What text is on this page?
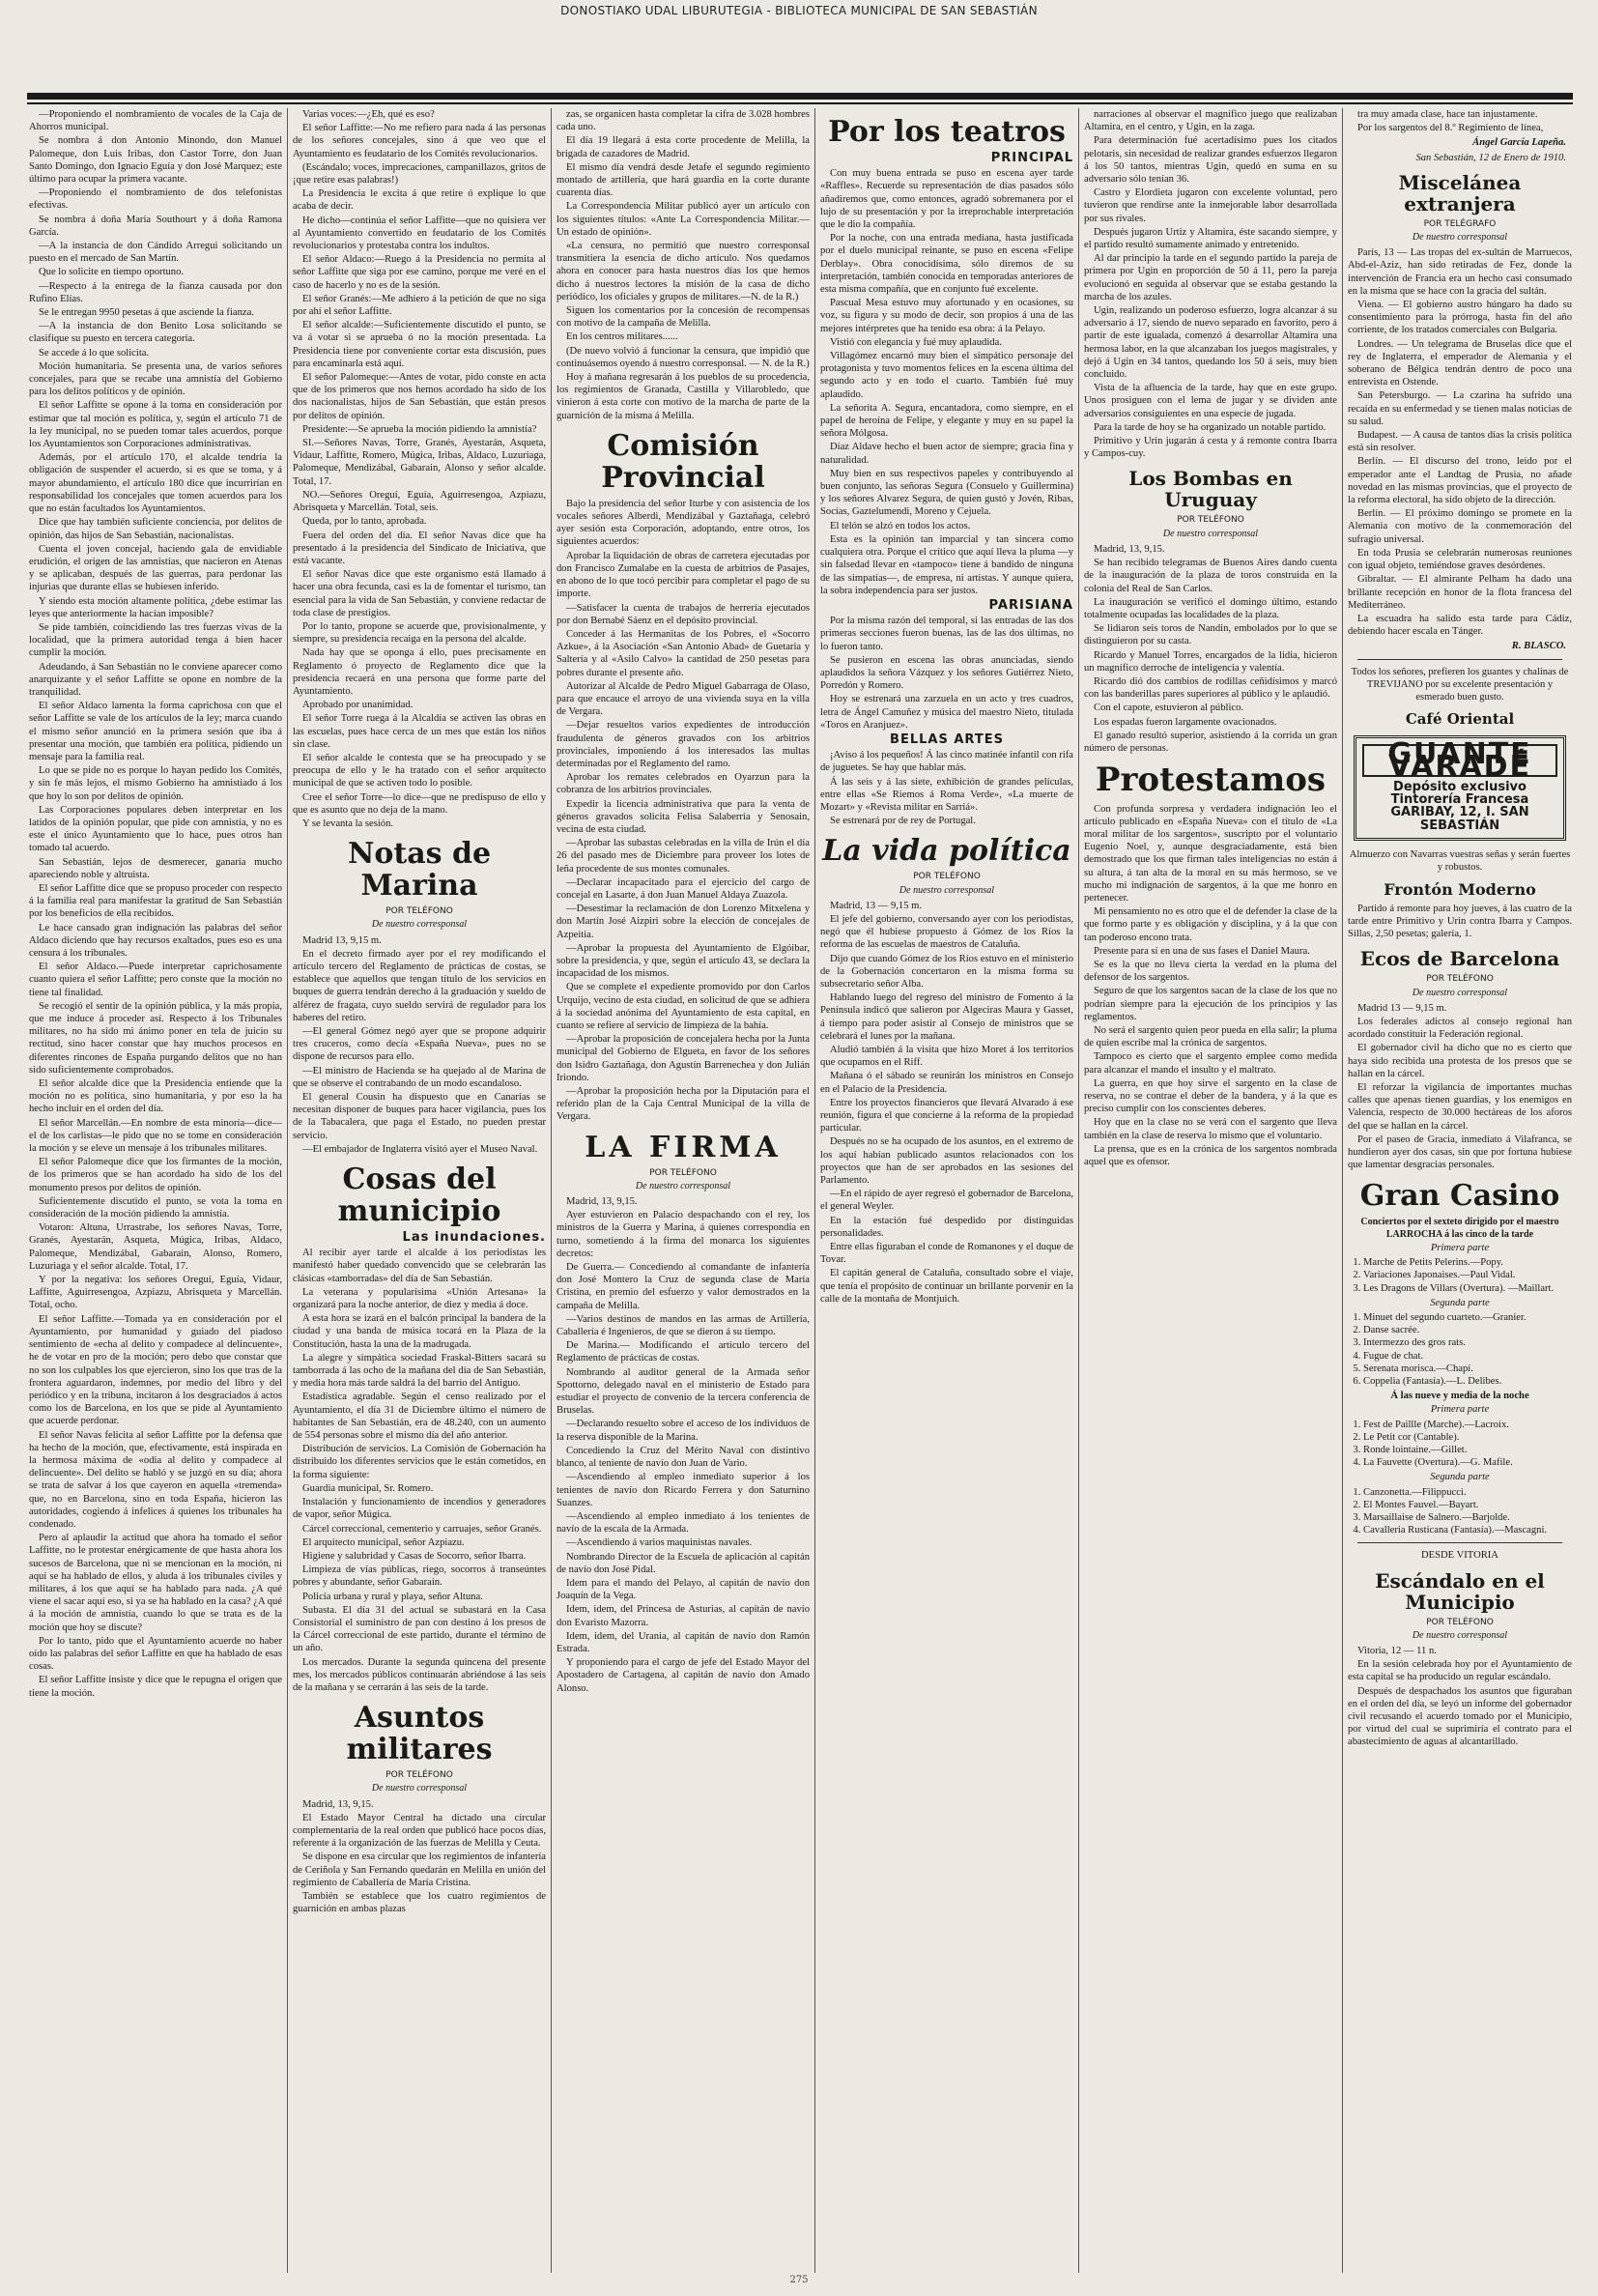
DONOSTIAKO UDAL LIBURUTEGIA - BIBLIOTECA MUNICIPAL DE SAN SEBASTIÁN

—Proponiendo el nombramiento de vocales de la Caja de Ahorros municipal.

Se nombra á don Antonio Minondo, don Manuel Palomeque, don Luis Iribas, don Castor Torre, don Juan Santo Domingo, don Ignacio Eguía y don José Marquez; este último para ocupar la primera vacante.

—Proponiendo el nombramiento de dos telefonistas efectivas.

Se nombra á doña María Southourt y á doña Ramona García.

—A la instancia de don Cándido Arregui solicitando un puesto en el mercado de San Martín.

Que lo solicite en tiempo oportuno.

—Respecto á la entrega de la fianza causada por don Rufino Elías.

Se le entregan 9950 pesetas á que asciende la fianza.

—A la instancia de don Benito Losa solicitando se clasifique su puesto en tercera categoría.

Se accede á lo que solicita.

Moción humanitaria. Se presenta una, de varios señores concejales, para que se recabe una amnistía del Gobierno para los delitos políticos y de opinión.

El señor Laffitte se opone á la toma en consideración por estimar que tal moción es política, y, según el artículo 71 de la ley municipal, no se pueden tomar tales acuerdos, porque los Ayuntamientos son Corporaciones administrativas.

Además, por el artículo 170, el alcalde tendría la obligación de suspender el acuerdo, si es que se toma, y á mayor abundamiento, el artículo 180 dice que incurrirían en responsabilidad los concejales que tomen acuerdos para los que no están facultados los Ayuntamientos.

Dice que hay también suficiente conciencia, por delitos de opinión, das hijos de San Sebastián, nacionalistas.

Cuenta el joven concejal, haciendo gala de envidiable erudición, el origen de las amnistías, que nacieron en Atenas y se aplicaban, después de las guerras, para perdonar las injurias que durante ellas se hubiesen inferido.

Y siendo esta moción altamente política, ¿debe estimar las leyes que anteriormente la hacían imposible?

Se pide también, coincidiendo las tres fuerzas vivas de la localidad, que la primera autoridad tenga á bien hacer cumplir la moción.

Adeudando, á San Sebastián no le conviene aparecer como anarquizante y el señor Laffitte se opone en nombre de la tranquilidad.

El señor Aldaco lamenta la forma caprichosa con que el señor Laffitte se vale de los artículos de la ley; marca cuando el mismo señor anunció en la primera sesión que iba á presentar una moción, que también era política, pidiendo un mensaje para la familia real.

Lo que se pide no es porque lo hayan pedido los Comités, y sin fe más lejos, el mismo Gobierno ha amnistiado á los que hoy lo son por delitos de opinión.

Las Corporaciones populares deben interpretar en los latidos de la opinión popular, que pide con amnistía, y no es este el único Ayuntamiento que lo hace, pues otros han tomado tal acuerdo.

San Sebastián, lejos de desmerecer, ganaría mucho apareciendo noble y altruista.

El señor Laffitte dice que se propuso proceder con respecto á la familia real para manifestar la gratitud de San Sebastián por los beneficios de ella recibidos.

Le hace cansado gran indignación las palabras del señor Aldaco diciendo que hay recursos exaltados, pues eso es una censura á los tribunales.

El señor Aldaco.—Puede interpretar caprichosamente cuanto quiera el señor Laffitte; pero conste que la moción no tiene tal finalidad.

Se recogió el sentir de la opinión pública, y la más propia, que me induce á proceder así. Respecto á los Tribunales militares, no ha sido mi ánimo poner en tela de juicio su rectitud, sino hacer constar que hay muchos procesos en diferentes rincones de España purgando delitos que no han sido suficientemente comprobados.

El señor alcalde dice que la Presidencia entiende que la moción no es política, sino humanitaria, y por eso la ha hecho incluir en el orden del día.

El señor Marcellán.—En nombre de esta minoría—dice—el de los carlistas—le pido que no se tome en consideración la moción y se eleve un mensaje á los tribunales militares.

El señor Palomeque dice que los firmantes de la moción, de los primeros que se han acordado ha sido de los del monumento presos por delitos de opinión.

Suficientemente discutido el punto, se vota la toma en consideración de la moción pidiendo la amnistía.

Votaron: Altuna, Urrastrabe, los señores Navas, Torre, Granés, Ayestarán, Asqueta, Múgica, Iribas, Aldaco, Palomeque, Mendizábal, Gabarain, Alonso, Romero, Luzuriaga y el señor alcalde. Total, 17.

Y por la negativa: los señores Oreguí, Eguía, Vidaur, Laffitte, Aguirresengoa, Azpiazu, Abrisqueta y Marcellán. Total, ocho.

El señor Laffitte.—Tomada ya en consideración por el Ayuntamiento, por humanidad y guiado del piadoso sentimiento de «echa al delito y compadece al delincuente», he de votar en pro de la moción; pero debo que constar que no son los culpables los que ejercieron, sino los que tras de la frontera aguardaron, indemnes, por medio del libro y del periódico y en la tribuna, incitaron á los desgraciados á actos como los de Barcelona, en los que se pide al Ayuntamiento que acuerde perdonar.

El señor Navas felicita al señor Laffitte por la defensa que ha hecho de la moción, que, efectivamente, está inspirada en la hermosa máxima de «odia al delito y compadece al delincuente». Del delito se habló y se juzgó en su día; ahora se trata de salvar á los que cayeron en aquella «tremenda» que, no en Barcelona, sino en toda España, hicieron las autoridades, cogiendo á infelices á quienes los tribunales ha condenado.

Pero al aplaudir la actitud que ahora ha tomado el señor Laffitte, no le protestar enérgicamente de que hasta ahora los sucesos de Barcelona, que ni se mencionan en la moción, ni aquí se ha hablado de ellos, y aluda á los tribunales civiles y militares, á los que aquí se ha hablado para nada. ¿A qué viene el sacar aquí eso, si ya se ha hablado en la casa? ¿A qué á la moción de amnistía, cuando lo que se trata es de la moción que hoy se discute?

Por lo tanto, pido que el Ayuntamiento acuerde no haber oído las palabras del señor Laffitte en que ha hablado de esas cosas.

El señor Laffitte insiste y dice que le repugna el origen que tiene la moción.

Varias voces:—¿Eh, qué es eso?

El señor Laffitte:—No me refiero para nada á las personas de los señores concejales, sino á que veo que el Ayuntamiento es feudatario de los Comités revolucionarios.

(Escándalo; voces, imprecaciones, campanillazos, gritos de ¡que retire esas palabras!)

La Presidencia le excita á que retire ó explique lo que acaba de decir.

He dicho—continúa el señor Laffitte—que no quisiera ver al Ayuntamiento convertido en feudatario de los Comités revolucionarios y protestaba contra los indultos.

El señor Aldaco:—Ruego á la Presidencia no permita al señor Laffitte que siga por ese camino, porque me veré en el caso de hacerlo y no es de la sesión.

El señor Granés:—Me adhiero á la petición de que no siga por ahí el señor Laffitte.

El señor alcalde:—Suficientemente discutido el punto, se va á votar si se aprueba ó no la moción presentada. La Presidencia tiene por conveniente cortar esta discusión, pues para encaminarla está aquí.

El señor Palomeque:—Antes de votar, pido conste en acta que de los primeros que nos hemos acordado ha sido de los dos nacionalistas, hijos de San Sebastián, que están presos por delitos de opinión.

Presidente:—Se aprueba la moción pidiendo la amnistía?

SI.—Señores Navas, Torre, Granés, Ayestarán, Asqueta, Vidaur, Laffitte, Romero, Múgica, Iribas, Aldaco, Luzuriaga, Palomeque, Mendizábal, Gabarain, Alonso y señor alcalde. Total, 17.

NO.—Señores Oreguí, Eguía, Aguirresengoa, Azpiazu, Abrisqueta y Marcellán. Total, seis.

Queda, por lo tanto, aprobada.

Fuera del orden del día. El señor Navas dice que ha presentado á la presidencia del Sindicato de Iniciativa, que está vacante.

El señor Navas dice que este organismo está llamado á hacer una obra fecunda, casi es la de fomentar el turismo, tan esencial para la vida de San Sebastián, y conviene redactar de toda clase de prestigios.

Por lo tanto, propone se acuerde que, provisionalmente, y siempre, su presidencia recaiga en la persona del alcalde.

Nada hay que se oponga á ello, pues precisamente en Reglamento ó proyecto de Reglamento dice que la presidencia recaerá en una persona que forme parte del Ayuntamiento.

Aprobado por unanimidad.

El señor Torre ruega á la Alcaldía se activen las obras en las escuelas, pues hace cerca de un mes que están los niños sin clase.

El señor alcalde le contesta que se ha preocupado y se preocupa de ello y le ha tratado con el señor arquitecto municipal de que se activen todo lo posible.

Cree el señor Torre—lo dice—que ne predispuso de ello y que es asunto que no deja de la mano.

Y se levanta la sesión.

Notas de Marina
POR TELÉFONO
De nuestro corresponsal

Madrid 13, 9,15 m.

En el decreto firmado ayer por el rey modificando el artículo tercero del Reglamento de prácticas de costas, se establece que aquellos que tengan título de los servicios en buques de guerra tendrán derecho á la graduación y sueldo de alférez de fragata, cuyo sueldo servirá de regulador para los haberes del retiro.

—El general Gómez negó ayer que se propone adquirir tres cruceros, como decía «España Nueva», pues no se dispone de recursos para ello.

—El ministro de Hacienda se ha quejado al de Marina de que se observe el contrabando de un modo escandaloso.

El general Cousin ha dispuesto que en Canarias se necesitan disponer de buques para hacer vigilancia, pues los de la Tabacalera, que paga el Estado, no pueden prestar servicio.

—El embajador de Inglaterra visitó ayer el Museo Naval.

Cosas del municipio
Las inundaciones.

Al recibir ayer tarde el alcalde á los periodistas les manifestó haber quedado convencido que se celebrarán las clásicas «tamborradas» del día de San Sebastián.

La veterana y popularísima «Unión Artesana» la organizará para la noche anterior, de diez y media á doce.

A esta hora se izará en el balcón principal la bandera de la ciudad y una banda de música tocará en la Plaza de la Constitución, hasta la una de la madrugada.

La alegre y simpática sociedad Fraskal-Bitters sacará su tamborrada á las ocho de la mañana del día de San Sebastián, y media hora más tarde saldrá la del barrio del Antiguo.

Estadística agradable. Según el censo realizado por el Ayuntamiento, el día 31 de Diciembre último el número de habitantes de San Sebastián, era de 48.240, con un aumento de 554 personas sobre el mismo día del año anterior.

Distribución de servicios. La Comisión de Gobernación ha distribuido los diferentes servicios que le están cometidos, en la forma siguiente:

Guardia municipal, Sr. Romero.

Instalación y funcionamiento de incendios y generadores de vapor, señor Múgica.

Cárcel correccional, cementerio y carruajes, señor Granés.

El arquitecto municipal, señor Azpiazu.

Higiene y salubridad y Casas de Socorro, señor Ibarra.

Limpieza de vías públicas, riego, socorros á transeúntes pobres y abundante, señor Gabarain.

Policía urbana y rural y playa, señor Altuna.

Subasta. El día 31 del actual se subastará en la Casa Consistorial el suministro de pan con destino á los presos de la Cárcel correccional de este partido, durante el término de un año.

Los mercados. Durante la segunda quincena del presente mes, los mercados públicos continuarán abriéndose á las seis de la mañana y se cerrarán á las seis de la tarde.

Asuntos militares
POR TELÉFONO
De nuestro corresponsal

Madrid, 13, 9,15.

El Estado Mayor Central ha dictado una circular complementaria de la real orden que publicó hace pocos días, referente á la organización de las fuerzas de Melilla y Ceuta.

Se dispone en esa circular que los regimientos de infantería de Ceriñola y San Fernando quedarán en Melilla en unión del regimiento de Caballería de María Cristina.

También se establece que los cuatro regimientos de guarnición en ambas plazas

zas, se organicen hasta completar la cifra de 3.028 hombres cada uno.

El día 19 llegará á esta corte procedente de Melilla, la brigada de cazadores de Madrid.

El mismo día vendrá desde Jetafe el segundo regimiento montado de artillería, que hará guardia en la corte durante cuarenta días.

La Correspondencia Militar publicó ayer un artículo con los siguientes títulos: «Ante La Correspondencia Militar.—Un estado de opinión».

«La censura, no permitió que nuestro corresponsal transmitiera la esencia de dicho artículo. Nos quedamos ahora en conocer para hasta nuestros días los que hemos dicho á nuestros lectores la misión de la casa de dicho periódico, los oficiales y grupos de militares.—N. de la R.)

Siguen los comentarios por la concesión de recompensas con motivo de la campaña de Melilla.

En los centros militares......

(De nuevo volvió á funcionar la censura, que impidió que continuásemos oyendo á nuestro corresponsal. — N. de la R.)

Hoy á mañana regresarán á los pueblos de su procedencia, los regimientos de Granada, Castilla y Villarobledo, que vinieron á esta corte con motivo de la marcha de parte de la guarnición de la misma á Melilla.

Comisión Provincial

Bajo la presidencia del señor Iturbe y con asistencia de los vocales señores Alberdi, Mendizábal y Gaztañaga, celebró ayer sesión esta Corporación, adoptando, entre otros, los siguientes acuerdos:

Aprobar la liquidación de obras de carretera ejecutadas por don Francisco Zumalabe en la cuesta de arbitrios de Pasajes, en abono de lo que tocó percibir para completar el pago de su importe.

—Satisfacer la cuenta de trabajos de herrería ejecutados por don Bernabé Sáenz en el depósito provincial.

Conceder á las Hermanitas de los Pobres, el «Socorro Azkue», á la Asociación «San Antonio Abad» de Guetaria y Saltería y al «Asilo Calvo» la cantidad de 250 pesetas para pobres durante el presente año.

Autorizar al Alcalde de Pedro Miguel Gabarraga de Olaso, para que encauce el arroyo de una vivienda suya en la villa de Vergara.

—Dejar resueltos varios expedientes de introducción fraudulenta de géneros gravados con los arbitrios provinciales, imponiendo á los interesados las multas determinadas por el Reglamento del ramo.

Aprobar los remates celebrados en Oyarzun para la cobranza de los arbitrios provinciales.

Expedir la licencia administrativa que para la venta de géneros gravados solicita Felisa Salaberría y Senosain, vecina de esta ciudad.

—Aprobar las subastas celebradas en la villa de Irún el día 26 del pasado mes de Diciembre para proveer los lotes de leña procedente de sus montes comunales.

—Declarar incapacitado para el ejercicio del cargo de concejal en Lasarte, á don Juan Manuel Aldaya Zuazola.

—Desestimar la reclamación de don Lorenzo Mitxelena y don Martín José Aizpiri sobre la elección de concejales de Azpeitia.

—Aprobar la propuesta del Ayuntamiento de Elgóibar, sobre la presidencia, y que, según el artículo 43, se declara la incapacidad de los mismos.

Que se complete el expediente promovido por don Carlos Urquijo, vecino de esta ciudad, en solicitud de que se adhiera á la sociedad anónima del Ayuntamiento de esta capital, en cuanto se refiere al servicio de limpieza de la bahía.

—Aprobar la proposición de concejalera hecha por la Junta municipal del Gobierno de Elgueta, en favor de los señores don Isidro Gaztañaga, don Agustín Barrenechea y don Julián Iriondo.

—Aprobar la proposición hecha por la Diputación para el referido plan de la Caja Central Municipal de la villa de Vergara.

LA FIRMA
POR TELÉFONO
De nuestro corresponsal

Madrid, 13, 9,15.

Ayer estuvieron en Palacio despachando con el rey, los ministros de la Guerra y Marina, á quienes correspondía en turno, sometiendo á la firma del monarca los siguientes decretos:

De Guerra.— Concediendo al comandante de infantería don José Montero la Cruz de segunda clase de María Cristina, en premio del esfuerzo y valor demostrados en la campaña de Melilla.

—Varios destinos de mandos en las armas de Artillería, Caballería é Ingenieros, de que se dieron á su tiempo.

De Marina.— Modificando el artículo tercero del Reglamento de prácticas de costas.

Nombrando al auditor general de la Armada señor Spottorno, delegado naval en el ministerio de Estado para estudiar el proyecto de convenio de la tercera conferencia de Bruselas.

—Declarando resuelto sobre el acceso de los individuos de la reserva disponible de la Marina.

Concediendo la Cruz del Mérito Naval con distintivo blanco, al teniente de navío don Juan de Vario.

—Ascendiendo al empleo inmediato superior á los tenientes de navío don Ricardo Ferrera y don Saturnino Suanzes.

—Ascendiendo al empleo inmediato á los tenientes de navío de la escala de la Armada.

—Ascendiendo á varios maquinistas navales.

Nombrando Director de la Escuela de aplicación al capitán de navío don José Pidal.

Idem para el mando del Pelayo, al capitán de navío don Joaquín de la Vega.

Idem, idem, del Princesa de Asturias, al capitán de navío don Evaristo Mazorra.

Idem, idem, del Urania, al capitán de navío don Ramón Estrada.

Y proponiendo para el cargo de jefe del Estado Mayor del Apostadero de Cartagena, al capitán de navío don Amado Alonso.

Por los teatros
PRINCIPAL

Con muy buena entrada se puso en escena ayer tarde «Raffles». Recuerde su representación de días pasados sólo añadiremos que, como entonces, agradó sobremanera por el lujo de su presentación y por la irreprochable interpretación que le dio la compañía.

Por la noche, con una entrada mediana, hasta justificada por el duelo municipal reinante, se puso en escena «Felipe Derblay». Obra conocidísima, sólo diremos de su interpretación, también conocida en temporadas anteriores de esta misma compañía, que en conjunto fué excelente.

Pascual Mesa estuvo muy afortunado y en ocasiones, su voz, su figura y su modo de decir, son propios á una de las mejores intérpretes que ha tenido esa obra: á la Pelayo.

Vistió con elegancia y fué muy aplaudida.

Villagómez encarnó muy bien el simpático personaje del protagonista y tuvo momentos felices en la escena última del segundo acto y en todo el cuarto. También fué muy aplaudido.

La señorita A. Segura, encantadora, como siempre, en el papel de heroína de Felipe, y elegante y muy en su papel la señora Mólgosa.

Díaz Aldave hecho el buen actor de siempre; gracia fina y naturalidad.

Muy bien en sus respectivos papeles y contribuyendo al buen conjunto, las señoras Segura (Consuelo y Guillermina) y los señores Alvarez Segura, de quien gustó y Jovén, Ribas, Socías, Gaztelumendi, Moreno y Cejuela.

El telón se alzó en todos los actos.

Esta es la opinión tan imparcial y tan sincera como cualquiera otra. Porque el crítico que aquí lleva la pluma —y sin falsedad llevar en «tampoco» tiene á bandido de ninguna de las simpatías—, de empresa, ni artistas. Y aunque quiera, la sobra independencia para ser justos.

PARISIANA

Por la misma razón del temporal, si las entradas de las dos primeras secciones fueron buenas, las de las dos últimas, no lo fueron tanto.

Se pusieron en escena las obras anunciadas, siendo aplaudidos la señora Vázquez y los señores Gutiérrez Nieto, Porredón y Romero.

Hoy se estrenará una zarzuela en un acto y tres cuadros, letra de Ángel Camuñez y música del maestro Nieto, titulada «Toros en Aranjuez».

BELLAS ARTES

¡Aviso á los pequeños! Á las cinco matinée infantil con rifa de juguetes. Se hay que hablar más.

Á las seis y á las siete, exhibición de grandes películas, entre ellas «Se Riemos á Roma Verde», «La muerte de Mozart» y «Revista militar en Sarriá».

Se estrenará por de rey de Portugal.

La vida política
POR TELÉFONO
De nuestro corresponsal

Madrid, 13 — 9,15 m.

El jefe del gobierno, conversando ayer con los periodistas, negó que él hubiese propuesto á Gómez de los Ríos la reforma de las escuelas de maestros de Cataluña.

Dijo que cuando Gómez de los Ríos estuvo en el ministerio de la Gobernación concertaron en la misma forma su subsecretario señor Alba.

Hablando luego del regreso del ministro de Fomento á la Península indicó que salieron por Algeciras Maura y Gasset, á tiempo para poder asistir al Consejo de ministros que se celebrará el lunes por la mañana.

Aludió también á la visita que hizo Moret á los territorios que ocupamos en el Riff.

Mañana ó el sábado se reunirán los ministros en Consejo en el Palacio de la Presidencia.

Entre los proyectos financieros que llevará Alvarado á ese reunión, figura el que concierne á la reforma de la propiedad particular.

Después no se ha ocupado de los asuntos, en el extremo de los aquí habían publicado asuntos relacionados con los proyectos que han de ser aprobados en las sesiones del Parlamento.

—En el rápido de ayer regresó el gobernador de Barcelona, el general Weyler.

En la estación fué despedido por distinguidas personalidades.

Entre ellas figuraban el conde de Romanones y el duque de Tovar.

El capitán general de Cataluña, consultado sobre el viaje, que tenía el propósito de continuar un brillante porvenir en la calle de la montaña de Montjuich.

narraciones al observar el magnífico juego que realizaban Altamira, en el centro, y Ugin, en la zaga.

Para determinación fué acertadísimo pues los citados pelotaris, sin necesidad de realizar grandes esfuerzos llegaron á los 50 tantos, mientras Ugin, quedó en suma en su adversario sólo tenían 36.

Castro y Elordieta jugaron con excelente voluntad, pero tuvieron que rendirse ante la inmejorable labor desarrollada por sus rivales.

Después jugaron Urtiz y Altamira, éste sacando siempre, y el partido resultó sumamente animado y entretenido.

Al dar principio la tarde en el segundo partido la pareja de primera por Ugin en proporción de 50 á 11, pero la pareja evolucionó en seguida al observar que se estaba gestando la marcha de los azules.

Ugin, realizando un poderoso esfuerzo, logra alcanzar á su adversario á 17, siendo de nuevo separado en favorito, pero á partir de este igualada, comenzó á desarrollar Altamira una hermosa labor, en la que alcanzaban los juegos magistrales, y dejó á Ugin en 34 tantos, quedando los 50 á seis, muy bien concluido.

Vista de la afluencia de la tarde, hay que en este grupo. Unos prosiguen con el lema de jugar y se dividen ante adversarios consiguientes en una especie de jugada.

Para la tarde de hoy se ha organizado un notable partido.

Primitivo y Urin jugarán á cesta y á remonte contra Ibarra y Campos-cuy.

Los Bombas en Uruguay
POR TELÉFONO
De nuestro corresponsal

Madrid, 13, 9,15.

Se han recibido telegramas de Buenos Aires dando cuenta de la inauguración de la plaza de toros construida en la colonia del Real de San Carlos.

La inauguración se verificó el domingo último, estando totalmente ocupadas las localidades de la plaza.

Se lidiaron seis toros de Nandin, embolados por lo que se distinguieron por su casta.

Ricardo y Manuel Torres, encargados de la lidia, hicieron un magnífico derroche de inteligencia y valentía.

Ricardo dió dos cambios de rodillas ceñidísimos y marcó con las banderillas pares superiores al público y le aplaudió.

Con el capote, estuvieron al público.

Los espadas fueron largamente ovacionados.

El ganado resultó superior, asistiendo á la corrida un gran número de personas.

Protestamos

Con profunda sorpresa y verdadera indignación leo el artículo publicado en «España Nueva» con el título de «La moral militar de los sargentos», suscripto por el voluntario Eugenio Noel, y, aunque desgraciadamente, está bien demostrado que los que firman tales inteligencias no están á su altura, á tan alta de la moral en su más hermoso, se ve mucho mi indignación de sargentos, á la que me honro en pertenecer.

Mi pensamiento no es otro que el de defender la clase de la que formo parte y es obligación y disciplina, y á la que con tan poderoso encono trata.

Presente para sí en una de sus fases el Daniel Maura.

Se es la que no lleva cierta la verdad en la pluma del defensor de los sargentos.

Seguro de que los sargentos sacan de la clase de los que no podrían siempre para la ejecución de los principios y las reglamentos.

No será el sargento quien peor pueda en ella salir; la pluma de quien escribe mal la crónica de sargentos.

Tampoco es cierto que el sargento emplee como medida para alcanzar el mando el insulto y el maltrato.

La guerra, en que hoy sirve el sargento en la clase de reserva, no se contrae el deber de la bandera, y á la que es preciso cumplir con los conscientes deberes.

Hoy que en la clase no se verá con el sargento que lleva también en la clase de reserva lo mismo que el voluntario.

La prensa, que es en la crónica de los sargentos nombrada aquel que es ofensor.

tra muy amada clase, hace tan injustamente.

Por los sargentos del 8.º Regimiento de línea,

Ángel García Lapeña.
San Sebastián, 12 de Enero de 1910.
Miscelánea extranjera
POR TELÉGRAFO
De nuestro corresponsal

París, 13 — Las tropas del ex-sultán de Marruecos, Abd-el-Aziz, han sido retiradas de Fez, donde la intervención de Francia era un hecho casi consumado en la misma que se hace con la gracia del sultán.

Viena. — El gobierno austro húngaro ha dado su consentimiento para la prórroga, hasta fin del año corriente, de los tratados comerciales con Bulgaria.

Londres. — Un telegrama de Bruselas dice que el rey de Inglaterra, el emperador de Alemania y el soberano de Bélgica tendrán dentro de poco una entrevista en Ostende.

San Petersburgo. — La czarina ha sufrido una recaída en su enfermedad y se tienen malas noticias de su salud.

Budapest. — A causa de tantos días la crisis política está sin resolver.

Berlín. — El discurso del trono, leído por el emperador ante el Landtag de Prusia, no añade novedad en las mismas provincias, que el proyecto de la reforma electoral, ha sido objeto de la dirección.

Berlín. — El próximo domingo se promete en la Alemania con motivo de la conmemoración del sufragio universal.

En toda Prusia se celebrarán numerosas reuniones con igual objeto, temiéndose graves desórdenes.

Gibraltar. — El almirante Pelham ha dado una brillante recepción en honor de la flota francesa del Mediterráneo.

La escuadra ha salido esta tarde para Cádiz, debiendo hacer escala en Tánger.

R. BLASCO.

Todos los señores, prefieren los guantes y chalinas de TREVIJANO por su excelente presentación y esmerado buen gusto.

Café Oriental
GUANTE VARADÉ
Depósito exclusivo
Tintorería Francesa
GARIBAY, 12, I. SAN SEBASTIÁN

Almuerzo con Navarras vuestras señas y serán fuertes y robustos.

Frontón Moderno

Partido á remonte para hoy jueves, á las cuatro de la tarde entre Primitivo y Urin contra Ibarra y Campos. Sillas, 2,50 pesetas; galería, 1.

Ecos de Barcelona
POR TELÉFONO
De nuestro corresponsal

Madrid 13 — 9,15 m.

Los federales adictos al consejo regional han acordado constituir la Federación regional.

El gobernador civil ha dicho que no es cierto que haya sido recibida una protesta de los presos que se hallan en la cárcel.

El reforzar la vigilancia de importantes muchas calles que apenas tienen guardias, y los enemigos en Valencia, respecto de 30.000 hectáreas de los aforos del que se hallan en la cárcel.

Por el paseo de Gracia, inmediato á Vilafranca, se hundieron ayer dos casas, sin que por fortuna hubiese que lamentar desgracias personales.

Gran Casino

Conciertos por el sexteto dirigido por el maestro LARROCHA á las cinco de la tarde

Primera parte

1. Marche de Petits Pelerins.—Popy.
2. Variaciones Japonaises.—Paul Vidal.
3. Les Dragons de Villars (Overtura). —Maillart.

Segunda parte

1. Minuet del segundo cuarteto.—Granier.
2. Danse sacrée.
3. Intermezzo des gros rats.
4. Fugue de chat.
5. Serenata morisca.—Chapí.
6. Coppelia (Fantasía).—L. Delibes.

Á las nueve y media de la noche

Primera parte

1. Fest de Paillle (Marche).—Lacroix.
2. Le Petit cor (Cantable).
3. Ronde lointaine.—Gillet.
4. La Fauvette (Overtura).—G. Mafile.

Segunda parte

1. Canzonetta.—Filippucci.
2. El Montes Fauvel.—Bayart.
3. Marsaillaise de Salnero.—Barjolde.
4. Cavalleria Rusticana (Fantasía).—Mascagni.

DESDE VITORIA

Escándalo en el Municipio
POR TELÉFONO
De nuestro corresponsal

Vitoria, 12 — 11 n.

En la sesión celebrada hoy por el Ayuntamiento de esta capital se ha producido un regular escándalo.

Después de despachados los asuntos que figuraban en el orden del día, se leyó un informe del gobernador civil recusando el acuerdo tomado por el Municipio, por virtud del cual se suprimiría el contrato para el abastecimiento de aguas al alcantarillado.

275
